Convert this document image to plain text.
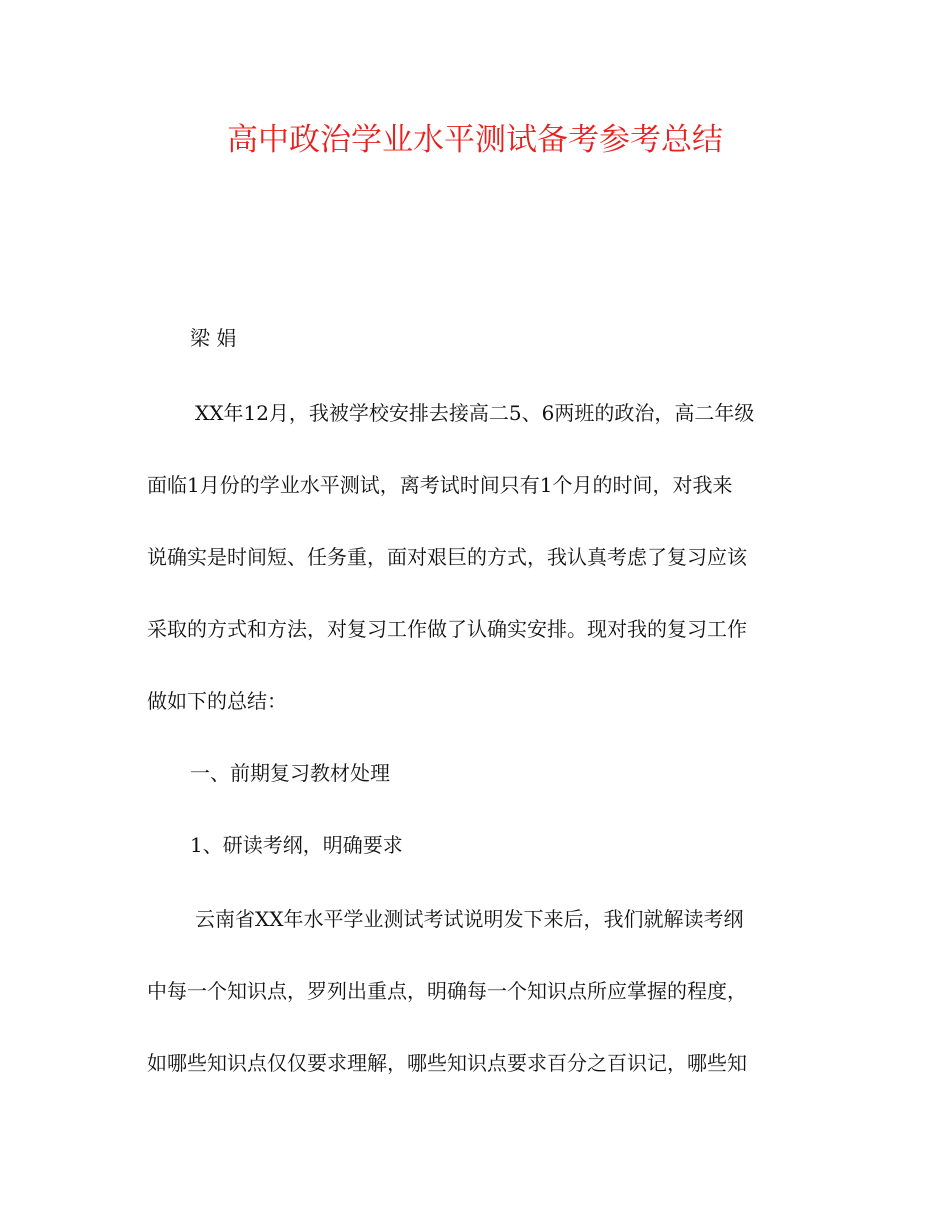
高中政治学业水平测试备考参考总结
梁 娟
XX年12月，我被学校安排去接高二5、6两班的政治，高二年级
面临1月份的学业水平测试，离考试时间只有1个月的时间，对我来
说确实是时间短、任务重，面对艰巨的方式，我认真考虑了复习应该
采取的方式和方法，对复习工作做了认确实安排。现对我的复习工作
做如下的总结：
一、前期复习教材处理
1、研读考纲，明确要求
云南省XX年水平学业测试考试说明发下来后，我们就解读考纲
中每一个知识点，罗列出重点，明确每一个知识点所应掌握的程度，
如哪些知识点仅仅要求理解，哪些知识点要求百分之百识记，哪些知
